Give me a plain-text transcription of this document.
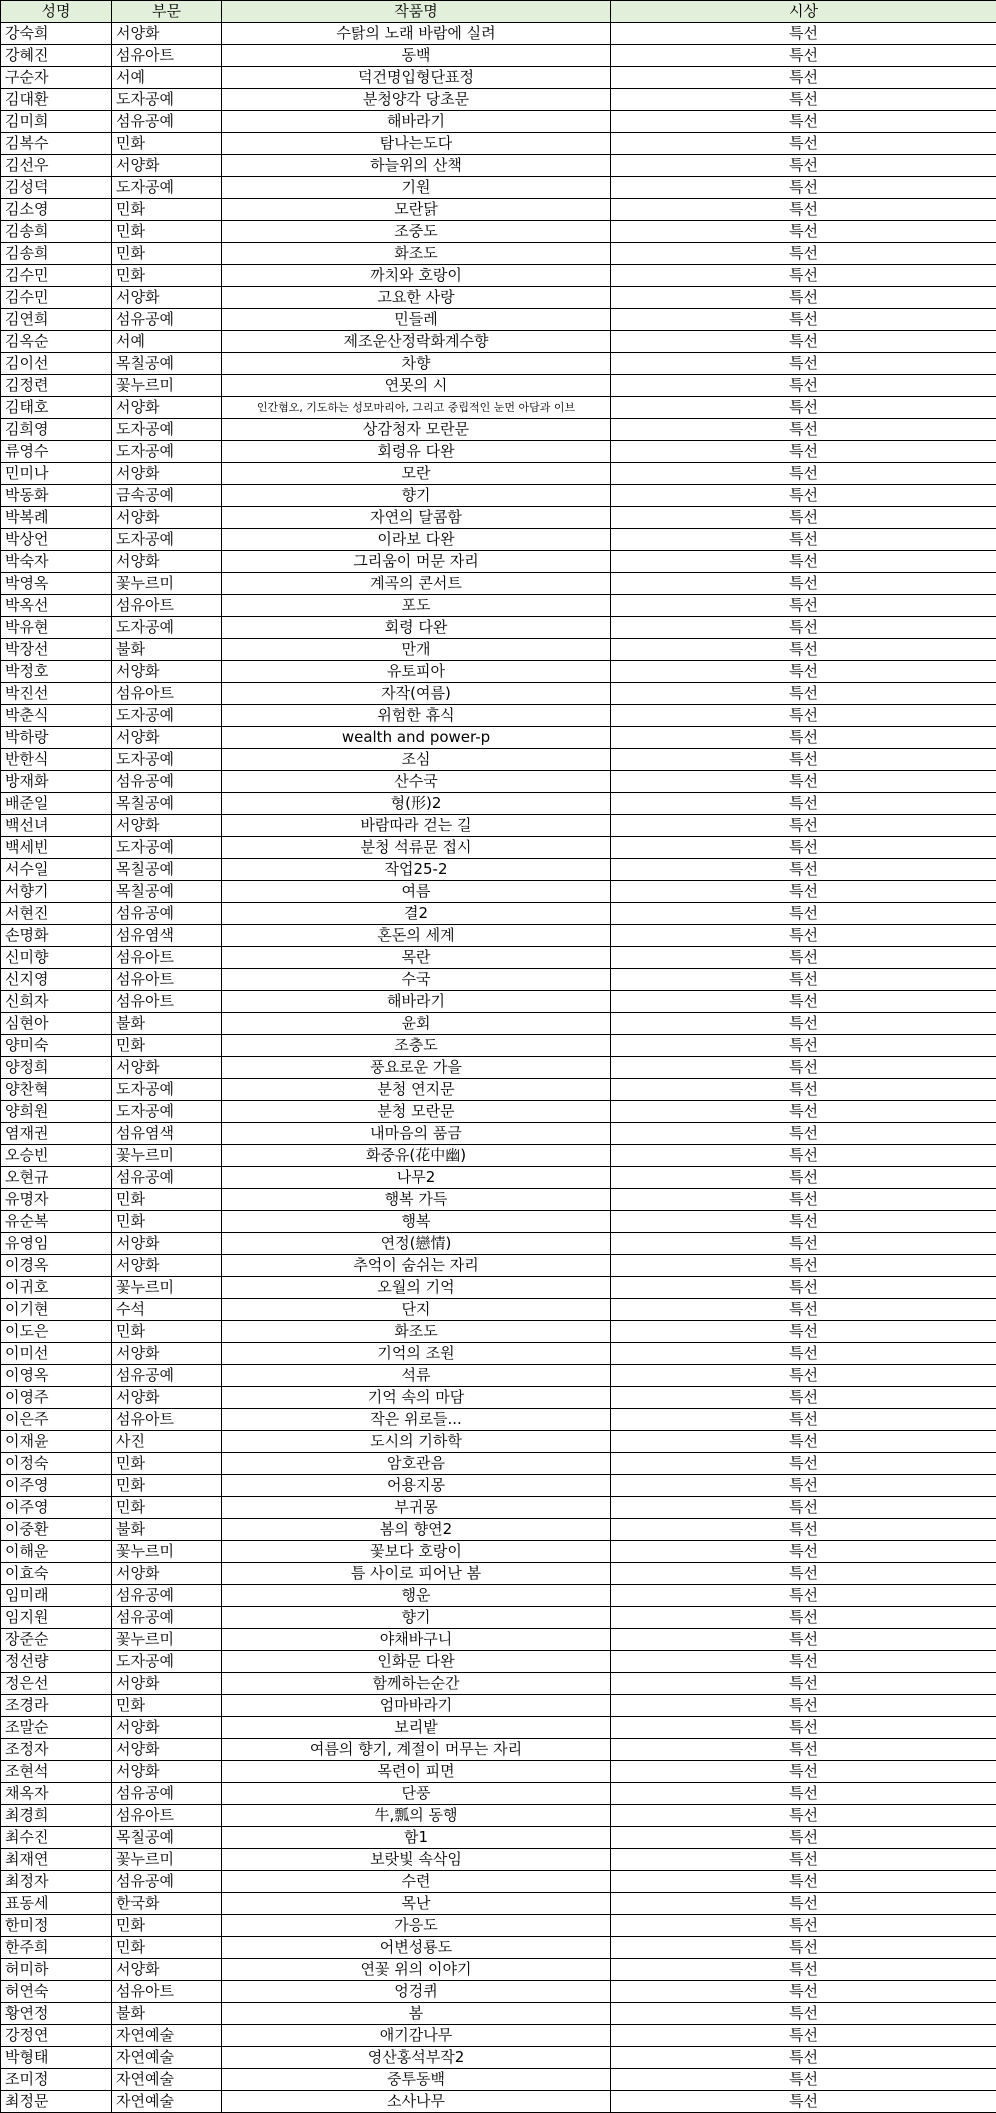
성명	부문	작품명	시상
강숙희	서양화	수탉의 노래 바람에 실려	특선
강혜진	섬유아트	동백	특선
구순자	서예	덕건명입형단표정	특선
김대환	도자공예	분청양각 당초문	특선
김미희	섬유공예	해바라기	특선
김복수	민화	탐나는도다	특선
김선우	서양화	하늘위의 산책	특선
김성덕	도자공예	기원	특선
김소영	민화	모란닭	특선
김송희	민화	조중도	특선
김송희	민화	화조도	특선
김수민	민화	까치와 호랑이	특선
김수민	서양화	고요한 사랑	특선
김연희	섬유공예	민들레	특선
김옥순	서예	제조운산정락화계수향	특선
김이선	목칠공예	차향	특선
김정련	꽃누르미	연못의 시	특선
김태호	서양화	인간혐오, 기도하는 성모마리아, 그리고 중립적인 눈먼 아담과 이브	특선
김희영	도자공예	상감청자 모란문	특선
류영수	도자공예	회령유 다완	특선
민미나	서양화	모란	특선
박동화	금속공예	향기	특선
박복례	서양화	자연의 달콤함	특선
박상언	도자공예	이라보 다완	특선
박숙자	서양화	그리움이 머문 자리	특선
박영옥	꽃누르미	계곡의 콘서트	특선
박옥선	섬유아트	포도	특선
박유현	도자공예	회령 다완	특선
박장선	불화	만개	특선
박정호	서양화	유토피아	특선
박진선	섬유아트	자작(여름)	특선
박춘식	도자공예	위험한 휴식	특선
박하랑	서양화	wealth and power-p	특선
반한식	도자공예	조심	특선
방재화	섬유공예	산수국	특선
배준일	목칠공예	형(形)2	특선
백선녀	서양화	바람따라 걷는 길	특선
백세빈	도자공예	분청 석류문 접시	특선
서수일	목칠공예	작업25-2	특선
서향기	목칠공예	여름	특선
서현진	섬유공예	결2	특선
손명화	섬유염색	혼돈의 세계	특선
신미향	섬유아트	목란	특선
신지영	섬유아트	수국	특선
신희자	섬유아트	해바라기	특선
심현아	불화	윤회	특선
양미숙	민화	조충도	특선
양정희	서양화	풍요로운 가을	특선
양찬혁	도자공예	분청 연지문	특선
양희원	도자공예	분청 모란문	특선
염재권	섬유염색	내마음의 품금	특선
오승빈	꽃누르미	화중유(花中幽)	특선
오현규	섬유공예	나무2	특선
유명자	민화	행복 가득	특선
유순복	민화	행복	특선
유영임	서양화	연정(戀情)	특선
이경옥	서양화	추억이 숨쉬는 자리	특선
이귀호	꽃누르미	오월의 기억	특선
이기현	수석	단지	특선
이도은	민화	화조도	특선
이미선	서양화	기억의 조원	특선
이영옥	섬유공예	석류	특선
이영주	서양화	기억 속의 마담	특선
이은주	섬유아트	작은 위로들...	특선
이재윤	사진	도시의 기하학	특선
이정숙	민화	암호관음	특선
이주영	민화	어용지몽	특선
이주영	민화	부귀몽	특선
이중환	불화	봄의 향연2	특선
이해운	꽃누르미	꽃보다 호랑이	특선
이효숙	서양화	틈 사이로 피어난 봄	특선
임미래	섬유공예	행운	특선
임지원	섬유공예	향기	특선
장준순	꽃누르미	야채바구니	특선
정선량	도자공예	인화문 다완	특선
정은선	서양화	함께하는순간	특선
조경라	민화	엄마바라기	특선
조말순	서양화	보리밭	특선
조정자	서양화	여름의 향기, 계절이 머무는 자리	특선
조현석	서양화	목련이 피면	특선
채옥자	섬유공예	단풍	특선
최경희	섬유아트	牛,瓢의 동행	특선
최수진	목칠공예	함1	특선
최재연	꽃누르미	보랏빛 속삭임	특선
최정자	섬유공예	수련	특선
표동세	한국화	목난	특선
한미정	민화	가응도	특선
한주희	민화	어변성룡도	특선
허미하	서양화	연꽃 위의 이야기	특선
허연숙	섬유아트	엉겅퀴	특선
황연정	불화	봄	특선
강정연	자연예술	애기감나무	특선
박형태	자연예술	영산홍석부작2	특선
조미정	자연예술	중투동백	특선
최정문	자연예술	소사나무	특선
